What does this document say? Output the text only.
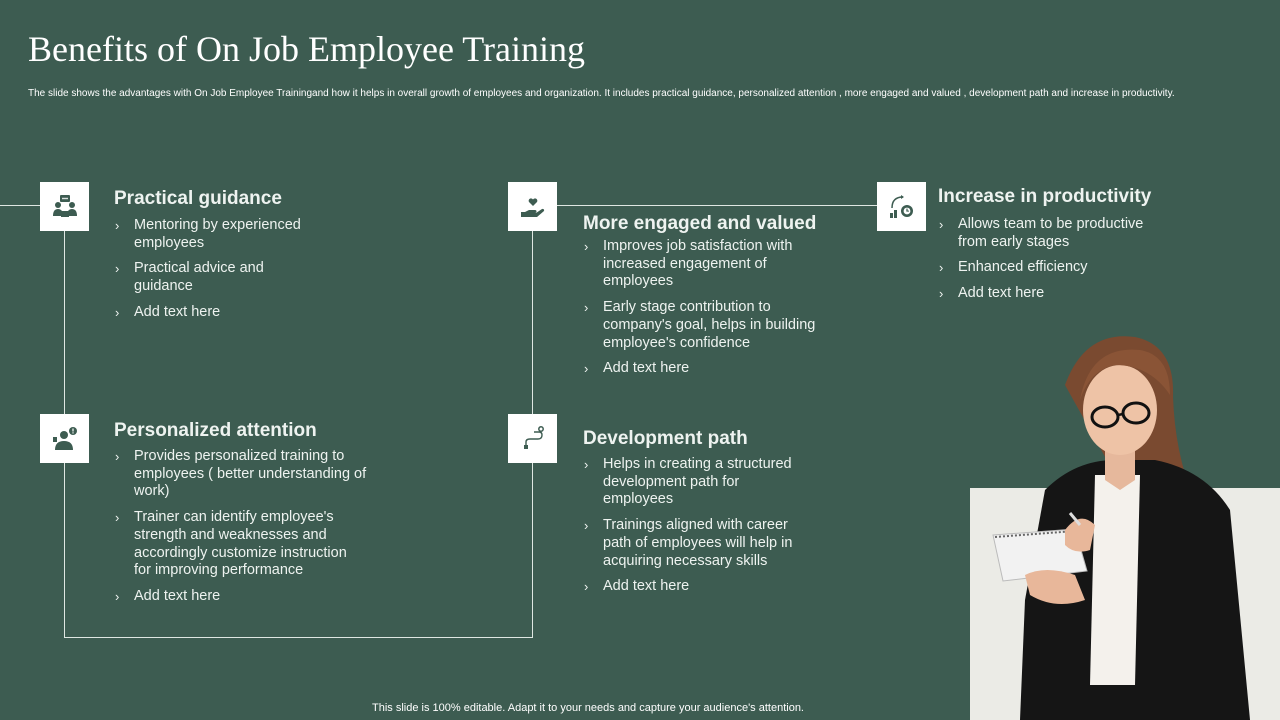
Benefits of On Job Employee Training
The slide shows the advantages with On Job Employee Trainingand how it helps in overall growth of employees and organization. It includes practical guidance, personalized attention , more engaged and valued , development path and increase in productivity.
Practical guidance
› Mentoring by experienced employees
› Practical advice and guidance
› Add text here
Personalized attention
› Provides personalized training to employees ( better understanding of work)
› Trainer can identify employee's strength and weaknesses and accordingly customize instruction for improving performance
› Add text here
More engaged and valued
› Improves job satisfaction with increased engagement of employees
› Early stage contribution to company's goal, helps in building employee's confidence
› Add text here
Development path
› Helps in creating a structured development path for employees
› Trainings aligned with career path of employees will help in acquiring necessary skills
› Add text here
Increase in productivity
› Allows team to be productive from early stages
› Enhanced efficiency
› Add text here
This slide is 100% editable. Adapt it to your needs and capture your audience's attention.
